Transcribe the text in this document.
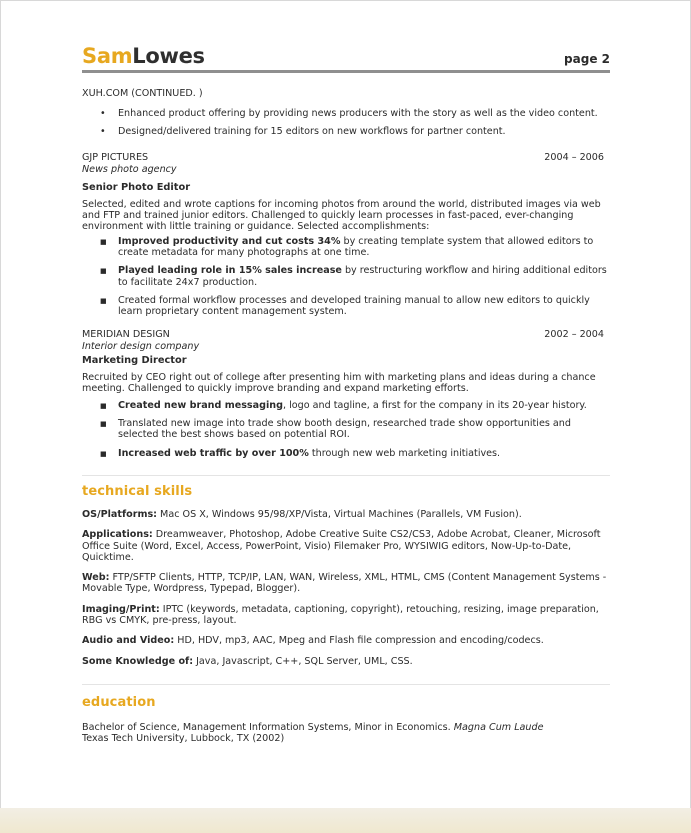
SamLowes	page 2
XUH.COM (CONTINUED. )
• Enhanced product offering by providing news producers with the story as well as the video content.
• Designed/delivered training for 15 editors on new workflows for partner content.
GJP PICTURES	2004 – 2006
News photo agency
Senior Photo Editor

Selected, edited and wrote captions for incoming photos from around the world, distributed images via web and FTP and trained junior editors. Challenged to quickly learn processes in fast-paced, ever-changing environment with little training or guidance. Selected accomplishments:

■ Improved productivity and cut costs 34% by creating template system that allowed editors to create metadata for many photographs at one time.
■ Played leading role in 15% sales increase by restructuring workflow and hiring additional editors to facilitate 24x7 production.
■ Created formal workflow processes and developed training manual to allow new editors to quickly learn proprietary content management system.
MERIDIAN DESIGN	2002 – 2004
Interior design company
Marketing Director

Recruited by CEO right out of college after presenting him with marketing plans and ideas during a chance meeting. Challenged to quickly improve branding and expand marketing efforts.

■ Created new brand messaging, logo and tagline, a first for the company in its 20-year history.
■ Translated new image into trade show booth design, researched trade show opportunities and selected the best shows based on potential ROI.
■ Increased web traffic by over 100% through new web marketing initiatives.
technical skills
OS/Platforms: Mac OS X, Windows 95/98/XP/Vista, Virtual Machines (Parallels, VM Fusion).
Applications: Dreamweaver, Photoshop, Adobe Creative Suite CS2/CS3, Adobe Acrobat, Cleaner, Microsoft Office Suite (Word, Excel, Access, PowerPoint, Visio) Filemaker Pro, WYSIWIG editors, Now-Up-to-Date, Quicktime.
Web: FTP/SFTP Clients, HTTP, TCP/IP, LAN, WAN, Wireless, XML, HTML, CMS (Content Management Systems - Movable Type, Wordpress, Typepad, Blogger).
Imaging/Print: IPTC (keywords, metadata, captioning, copyright), retouching, resizing, image preparation, RBG vs CMYK, pre-press, layout.
Audio and Video: HD, HDV, mp3, AAC, Mpeg and Flash file compression and encoding/codecs.
Some Knowledge of: Java, Javascript, C++, SQL Server, UML, CSS.
education
Bachelor of Science, Management Information Systems, Minor in Economics. Magna Cum Laude
Texas Tech University, Lubbock, TX (2002)
